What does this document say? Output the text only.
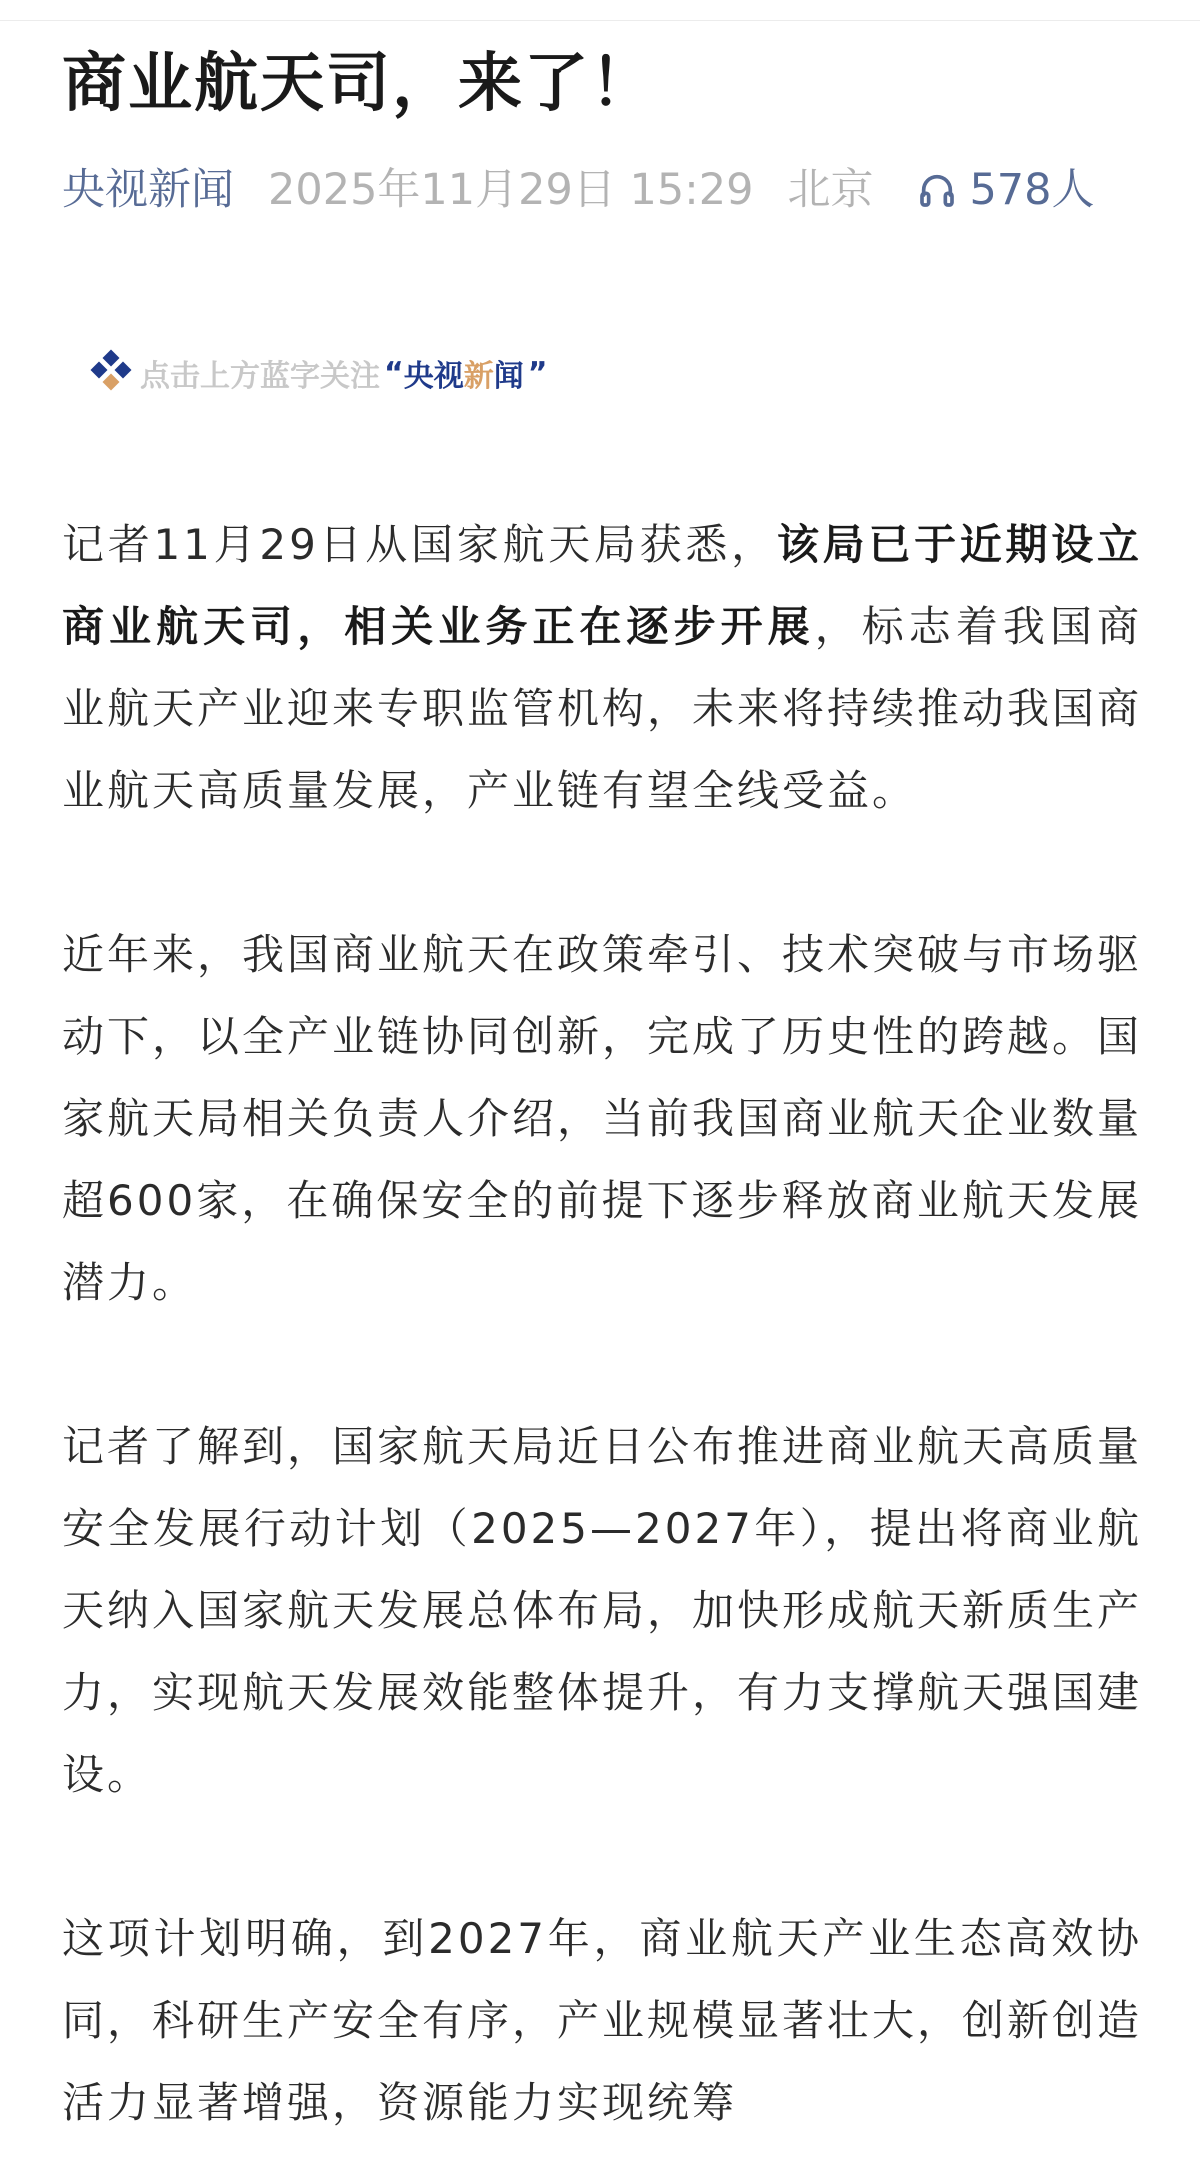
商业航天司，来了！
央视新闻 2025年11月29日 15:29 北京 578人
点击上方蓝字关注 “ 央视 新 闻 ”

记者11月29日从国家航天局获悉，该局已于近期设立商业航天司，相关业务正在逐步开展，标志着我国商业航天产业迎来专职监管机构，未来将持续推动我国商业航天高质量发展，产业链有望全线受益。

近年来，我国商业航天在政策牵引、技术突破与市场驱动下，以全产业链协同创新，完成了历史性的跨越。国家航天局相关负责人介绍，当前我国商业航天企业数量超600家，在确保安全的前提下逐步释放商业航天发展潜力。

记者了解到，国家航天局近日公布推进商业航天高质量安全发展行动计划（2025—2027年），提出将商业航天纳入国家航天发展总体布局，加快形成航天新质生产力，实现航天发展效能整体提升，有力支撑航天强国建设。

这项计划明确，到2027年，商业航天产业生态高效协同，科研生产安全有序，产业规模显著壮大，创新创造活力显著增强，资源能力实现统筹
